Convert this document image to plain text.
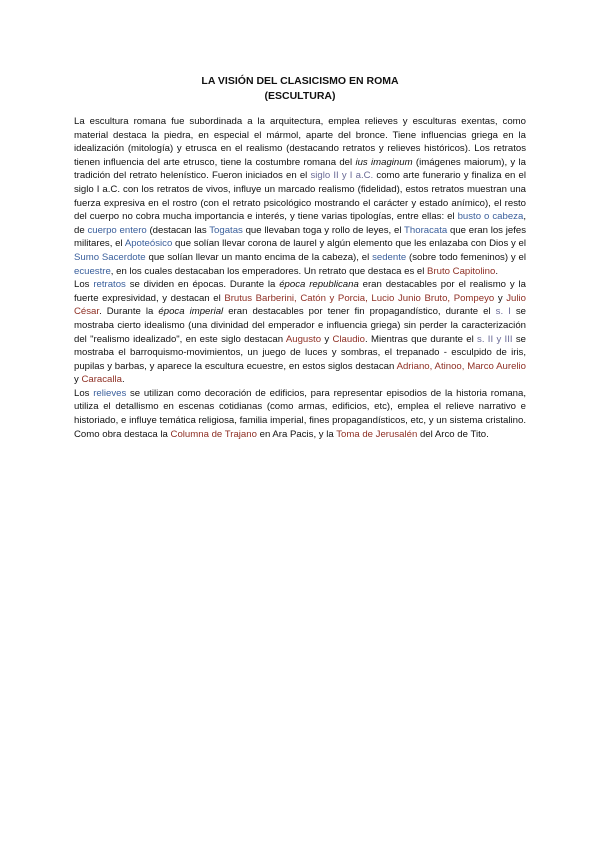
LA VISIÓN DEL CLASICISMO EN ROMA
(ESCULTURA)

La escultura romana fue subordinada a la arquitectura, emplea relieves y esculturas exentas, como material destaca la piedra, en especial el mármol, aparte del bronce. Tiene influencias griega en la idealización (mitología) y etrusca en el realismo (destacando retratos y relieves históricos). Los retratos tienen influencia del arte etrusco, tiene la costumbre romana del ius imaginum (imágenes maiorum), y la tradición del retrato helenístico. Fueron iniciados en el siglo II y I a.C. como arte funerario y finaliza en el siglo I a.C. con los retratos de vivos, influye un marcado realismo (fidelidad), estos retratos muestran una fuerza expresiva en el rostro (con el retrato psicológico mostrando el carácter y estado anímico), el resto del cuerpo no cobra mucha importancia e interés, y tiene varias tipologías, entre ellas: el busto o cabeza, de cuerpo entero (destacan las Togatas que llevaban toga y rollo de leyes, el Thoracata que eran los jefes militares, el Apoteósico que solían llevar corona de laurel y algún elemento que les enlazaba con Dios y el Sumo Sacerdote que solían llevar un manto encima de la cabeza), el sedente (sobre todo femeninos) y el ecuestre, en los cuales destacaban los emperadores. Un retrato que destaca es el Bruto Capitolino.

Los retratos se dividen en épocas. Durante la época republicana eran destacables por el realismo y la fuerte expresividad, y destacan el Brutus Barberini, Catón y Porcia, Lucio Junio Bruto, Pompeyo y Julio César. Durante la época imperial eran destacables por tener fin propagandístico, durante el s. I se mostraba cierto idealismo (una divinidad del emperador e influencia griega) sin perder la caracterización del "realismo idealizado", en este siglo destacan Augusto y Claudio. Mientras que durante el s. II y III se mostraba el barroquismo-movimientos, un juego de luces y sombras, el trepanado - esculpido de iris, pupilas y barbas, y aparece la escultura ecuestre, en estos siglos destacan Adriano, Atinoo, Marco Aurelio y Caracalla.

Los relieves se utilizan como decoración de edificios, para representar episodios de la historia romana, utiliza el detallismo en escenas cotidianas (como armas, edificios, etc), emplea el relieve narrativo e historiado, e influye temática religiosa, familia imperial, fines propagandísticos, etc, y un sistema cristalino. Como obra destaca la Columna de Trajano en Ara Pacis, y la Toma de Jerusalén del Arco de Tito.
